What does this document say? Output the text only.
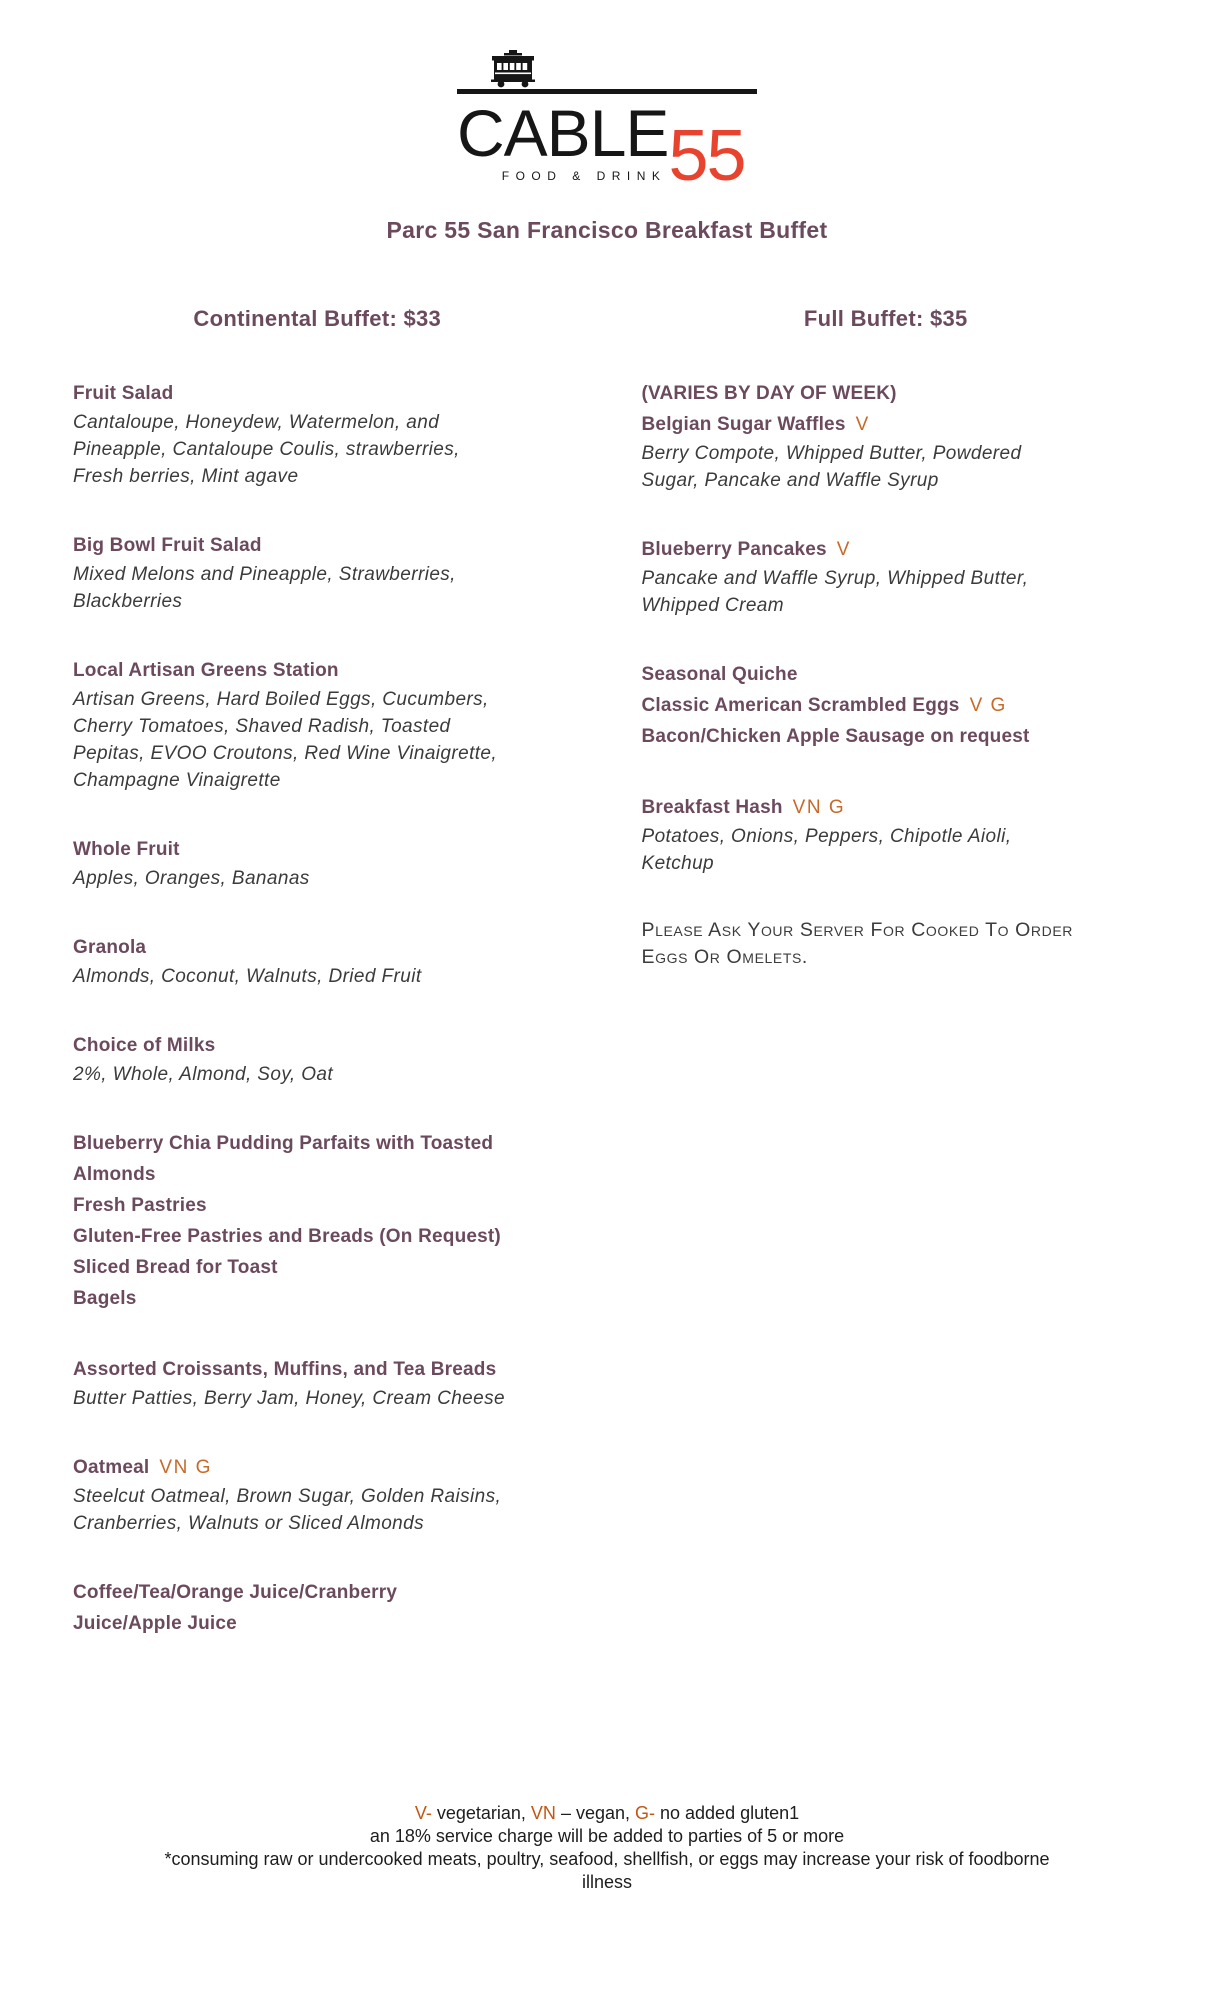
CABLE
FOOD & DRINK 55
Parc 55 San Francisco Breakfast Buffet
Continental Buffet: $33

Fruit Salad

Cantaloupe, Honeydew, Watermelon, and

Pineapple, Cantaloupe Coulis, strawberries,

Fresh berries, Mint agave

Big Bowl Fruit Salad

Mixed Melons and Pineapple, Strawberries,

Blackberries

Local Artisan Greens Station

Artisan Greens, Hard Boiled Eggs, Cucumbers,

Cherry Tomatoes, Shaved Radish, Toasted

Pepitas, EVOO Croutons, Red Wine Vinaigrette,

Champagne Vinaigrette

Whole Fruit

Apples, Oranges, Bananas

Granola

Almonds, Coconut, Walnuts, Dried Fruit

Choice of Milks

2%, Whole, Almond, Soy, Oat

Blueberry Chia Pudding Parfaits with Toasted

Almonds

Fresh Pastries

Gluten-Free Pastries and Breads (On Request)

Sliced Bread for Toast

Bagels

Assorted Croissants, Muffins, and Tea Breads

Butter Patties, Berry Jam, Honey, Cream Cheese

Oatmeal VN G

Steelcut Oatmeal, Brown Sugar, Golden Raisins,

Cranberries, Walnuts or Sliced Almonds

Coffee/Tea/Orange Juice/Cranberry

Juice/Apple Juice

Full Buffet: $35

(VARIES BY DAY OF WEEK)

Belgian Sugar Waffles V

Berry Compote, Whipped Butter, Powdered

Sugar, Pancake and Waffle Syrup

Blueberry Pancakes V

Pancake and Waffle Syrup, Whipped Butter,

Whipped Cream

Seasonal Quiche

Classic American Scrambled Eggs V G

Bacon/Chicken Apple Sausage on request

Breakfast Hash VN G

Potatoes, Onions, Peppers, Chipotle Aioli,

Ketchup

Please Ask Your Server For Cooked To Order

Eggs Or Omelets.

V- vegetarian, VN – vegan, G- no added gluten1

an 18% service charge will be added to parties of 5 or more

*consuming raw or undercooked meats, poultry, seafood, shellfish, or eggs may increase your risk of foodborne

illness
